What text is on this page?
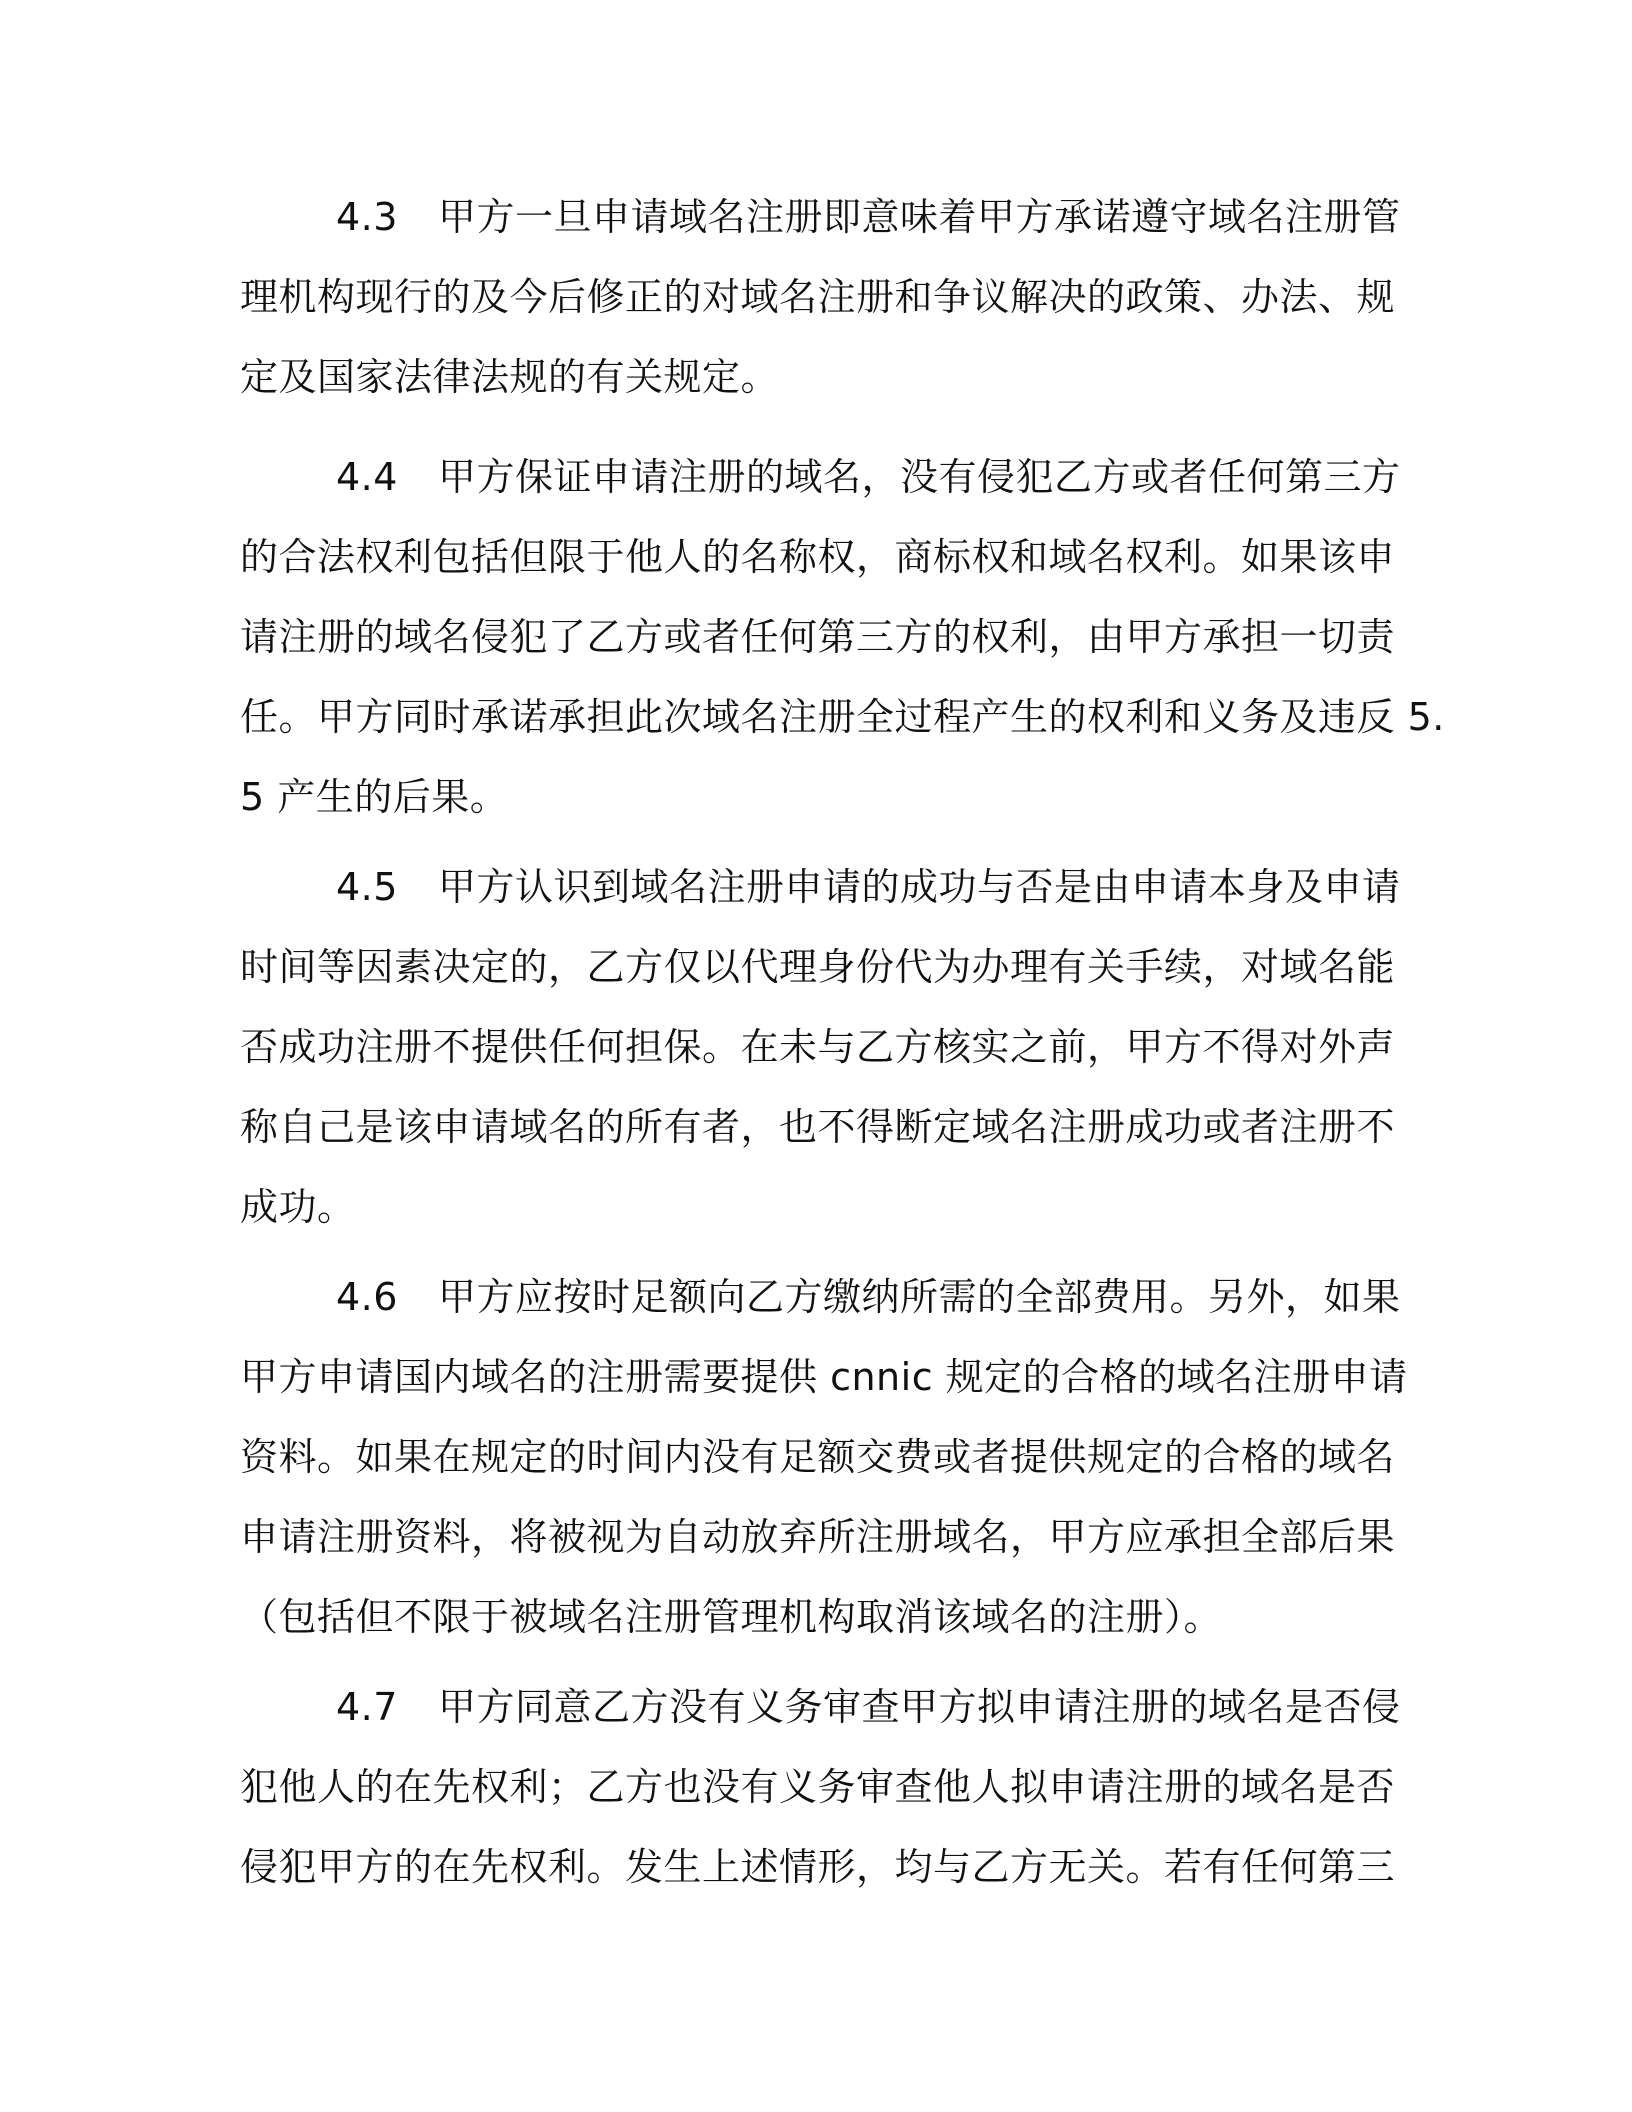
4.3 甲方一旦申请域名注册即意味着甲方承诺遵守域名注册管
理机构现行的及今后修正的对域名注册和争议解决的政策、办法、规
定及国家法律法规的有关规定。
4.4 甲方保证申请注册的域名，没有侵犯乙方或者任何第三方
的合法权利包括但限于他人的名称权，商标权和域名权利。如果该申
请注册的域名侵犯了乙方或者任何第三方的权利，由甲方承担一切责
任。甲方同时承诺承担此次域名注册全过程产生的权利和义务及违反 5.
5 产生的后果。
4.5 甲方认识到域名注册申请的成功与否是由申请本身及申请
时间等因素决定的，乙方仅以代理身份代为办理有关手续，对域名能
否成功注册不提供任何担保。在未与乙方核实之前，甲方不得对外声
称自己是该申请域名的所有者，也不得断定域名注册成功或者注册不
成功。
4.6 甲方应按时足额向乙方缴纳所需的全部费用。另外，如果
甲方申请国内域名的注册需要提供 cnnic 规定的合格的域名注册申请
资料。如果在规定的时间内没有足额交费或者提供规定的合格的域名
申请注册资料，将被视为自动放弃所注册域名，甲方应承担全部后果
（包括但不限于被域名注册管理机构取消该域名的注册）。
4.7 甲方同意乙方没有义务审查甲方拟申请注册的域名是否侵
犯他人的在先权利；乙方也没有义务审查他人拟申请注册的域名是否
侵犯甲方的在先权利。发生上述情形，均与乙方无关。若有任何第三
